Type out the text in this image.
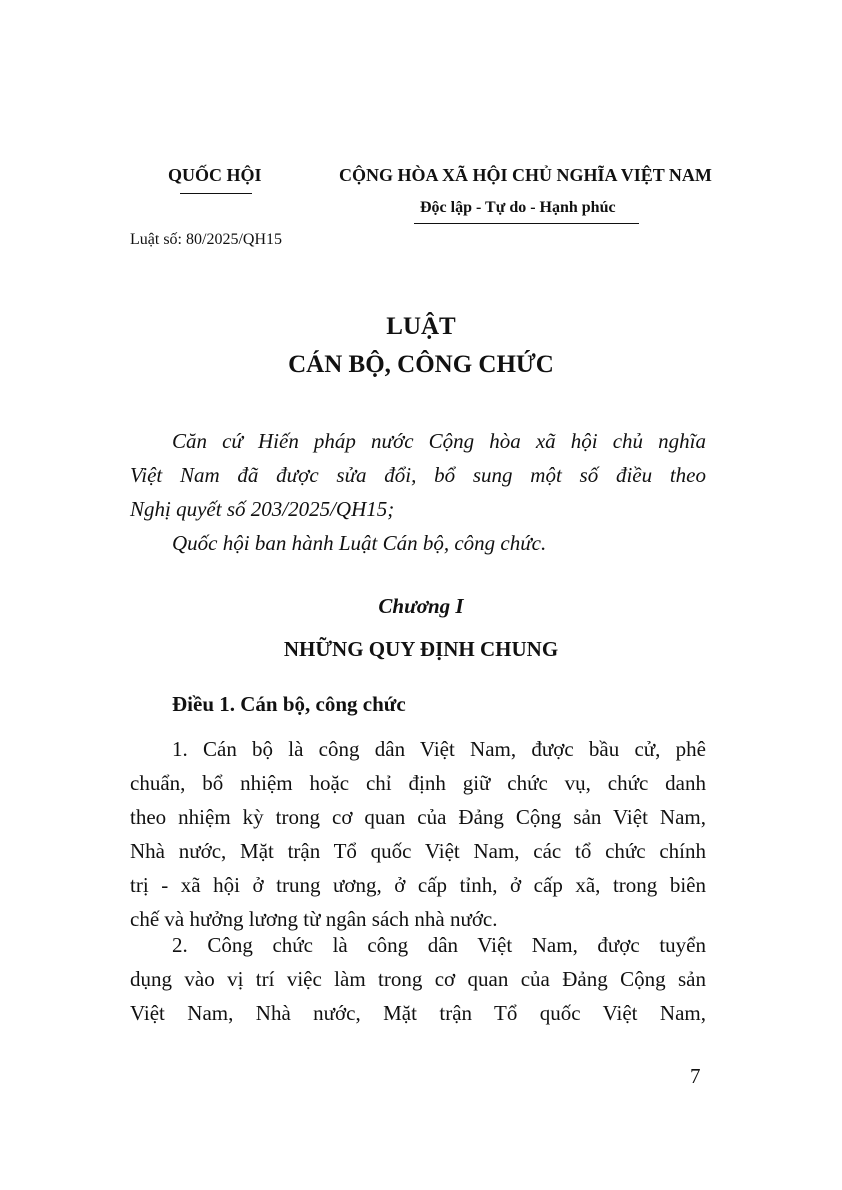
QUỐC HỘI	CỘNG HÒA XÃ HỘI CHỦ NGHĨA VIỆT NAM
Độc lập - Tự do - Hạnh phúc
Luật số: 80/2025/QH15
LUẬT
CÁN BỘ, CÔNG CHỨC
Căn cứ Hiến pháp nước Cộng hòa xã hội chủ nghĩa
Việt Nam đã được sửa đổi, bổ sung một số điều theo
Nghị quyết số 203/2025/QH15;
Quốc hội ban hành Luật Cán bộ, công chức.
Chương I
NHỮNG QUY ĐỊNH CHUNG
Điều 1. Cán bộ, công chức
1. Cán bộ là công dân Việt Nam, được bầu cử, phê
chuẩn, bổ nhiệm hoặc chỉ định giữ chức vụ, chức danh
theo nhiệm kỳ trong cơ quan của Đảng Cộng sản Việt Nam,
Nhà nước, Mặt trận Tổ quốc Việt Nam, các tổ chức chính
trị - xã hội ở trung ương, ở cấp tỉnh, ở cấp xã, trong biên
chế và hưởng lương từ ngân sách nhà nước.
2. Công chức là công dân Việt Nam, được tuyển
dụng vào vị trí việc làm trong cơ quan của Đảng Cộng sản
Việt Nam, Nhà nước, Mặt trận Tổ quốc Việt Nam,
7
